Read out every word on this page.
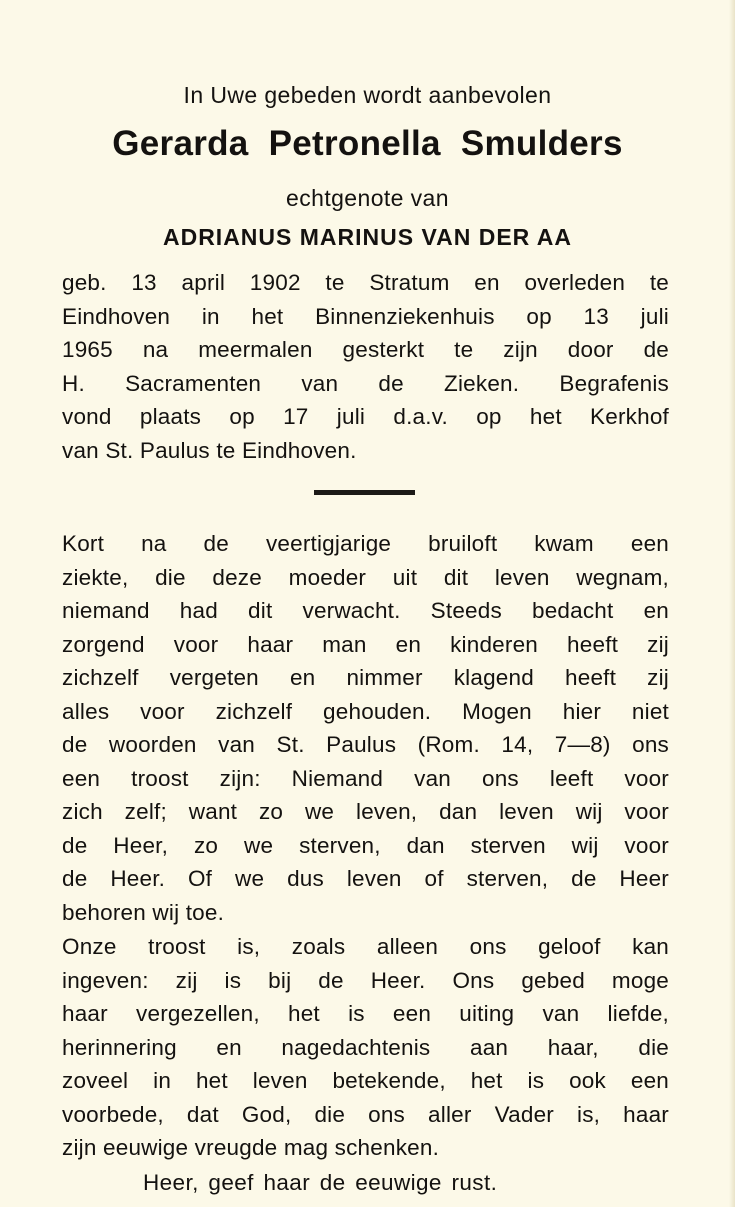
In Uwe gebeden wordt aanbevolen
Gerarda Petronella Smulders
echtgenote van
ADRIANUS MARINUS VAN DER AA
geb. 13 april 1902 te Stratum en overleden te
Eindhoven in het Binnenziekenhuis op 13 juli
1965 na meermalen gesterkt te zijn door de
H. Sacramenten van de Zieken. Begrafenis
vond plaats op 17 juli d.a.v. op het Kerkhof
van St. Paulus te Eindhoven.
Kort na de veertigjarige bruiloft kwam een
ziekte, die deze moeder uit dit leven wegnam,
niemand had dit verwacht. Steeds bedacht en
zorgend voor haar man en kinderen heeft zij
zichzelf vergeten en nimmer klagend heeft zij
alles voor zichzelf gehouden. Mogen hier niet
de woorden van St. Paulus (Rom. 14, 7—8) ons
een troost zijn: Niemand van ons leeft voor
zich zelf; want zo we leven, dan leven wij voor
de Heer, zo we sterven, dan sterven wij voor
de Heer. Of we dus leven of sterven, de Heer
behoren wij toe.
Onze troost is, zoals alleen ons geloof kan
ingeven: zij is bij de Heer. Ons gebed moge
haar vergezellen, het is een uiting van liefde,
herinnering en nagedachtenis aan haar, die
zoveel in het leven betekende, het is ook een
voorbede, dat God, die ons aller Vader is, haar
zijn eeuwige vreugde mag schenken.
Heer, geef haar de eeuwige rust.
